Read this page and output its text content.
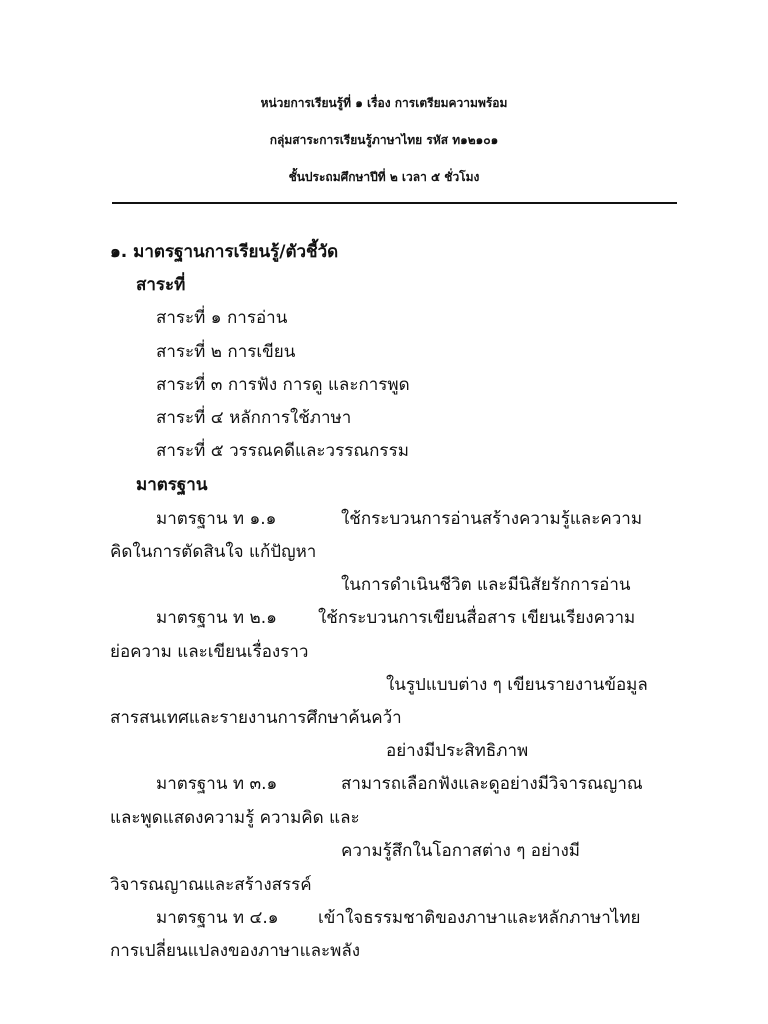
หน่วยการเรียนรู้ที่ ๑ เรื่อง การเตรียมความพร้อม
กลุ่มสาระการเรียนรู้ภาษาไทย รหัส ท๑๒๑๐๑
ชั้นประถมศึกษาปีที่ ๒ เวลา ๕ ชั่วโมง
๑. มาตรฐานการเรียนรู้/ตัวชี้วัด
สาระที่
สาระที่ ๑ การอ่าน
สาระที่ ๒ การเขียน
สาระที่ ๓ การฟัง การดู และการพูด
สาระที่ ๔ หลักการใช้ภาษา
สาระที่ ๕ วรรณคดีและวรรณกรรม
มาตรฐาน
มาตรฐาน ท ๑.๑	ใช้กระบวนการอ่านสร้างความรู้และความ
คิดในการตัดสินใจ แก้ปัญหา
ในการดำเนินชีวิต และมีนิสัยรักการอ่าน
มาตรฐาน ท ๒.๑ ใช้กระบวนการเขียนสื่อสาร เขียนเรียงความ
ย่อความ และเขียนเรื่องราว
ในรูปแบบต่าง ๆ เขียนรายงานข้อมูล
สารสนเทศและรายงานการศึกษาค้นคว้า
อย่างมีประสิทธิภาพ
มาตรฐาน ท ๓.๑	สามารถเลือกฟังและดูอย่างมีวิจารณญาณ
และพูดแสดงความรู้ ความคิด และ
ความรู้สึกในโอกาสต่าง ๆ อย่างมี
วิจารณญาณและสร้างสรรค์
มาตรฐาน ท ๔.๑ เข้าใจธรรมชาติของภาษาและหลักภาษาไทย
การเปลี่ยนแปลงของภาษาและพลัง
